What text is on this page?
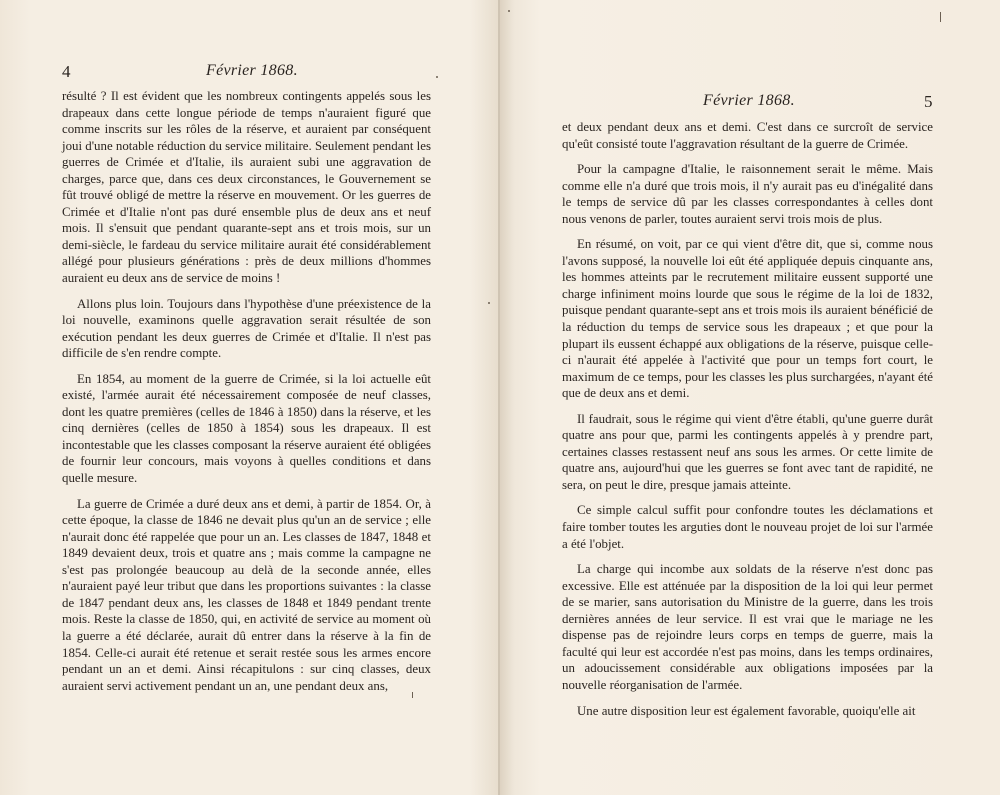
4	Février 1868.

résulté ? Il est évident que les nombreux contingents appelés sous les drapeaux dans cette longue période de temps n'auraient figuré que comme inscrits sur les rôles de la réserve, et auraient par conséquent joui d'une notable réduction du service militaire. Seulement pendant les guerres de Crimée et d'Italie, ils auraient subi une aggravation de charges, parce que, dans ces deux circonstances, le Gouvernement se fût trouvé obligé de mettre la réserve en mouvement. Or les guerres de Crimée et d'Italie n'ont pas duré ensemble plus de deux ans et neuf mois. Il s'ensuit que pendant quarante-sept ans et trois mois, sur un demi-siècle, le fardeau du service militaire aurait été considérablement allégé pour plusieurs générations : près de deux millions d'hommes auraient eu deux ans de service de moins !

Allons plus loin. Toujours dans l'hypothèse d'une préexistence de la loi nouvelle, examinons quelle aggravation serait résultée de son exécution pendant les deux guerres de Crimée et d'Italie. Il n'est pas difficile de s'en rendre compte.

En 1854, au moment de la guerre de Crimée, si la loi actuelle eût existé, l'armée aurait été nécessairement composée de neuf classes, dont les quatre premières (celles de 1846 à 1850) dans la réserve, et les cinq dernières (celles de 1850 à 1854) sous les drapeaux. Il est incontestable que les classes composant la réserve auraient été obligées de fournir leur concours, mais voyons à quelles conditions et dans quelle mesure.

La guerre de Crimée a duré deux ans et demi, à partir de 1854. Or, à cette époque, la classe de 1846 ne devait plus qu'un an de service ; elle n'aurait donc été rappelée que pour un an. Les classes de 1847, 1848 et 1849 devaient deux, trois et quatre ans ; mais comme la campagne ne s'est pas prolongée beaucoup au delà de la seconde année, elles n'auraient payé leur tribut que dans les proportions suivantes : la classe de 1847 pendant deux ans, les classes de 1848 et 1849 pendant trente mois. Reste la classe de 1850, qui, en activité de service au moment où la guerre a été déclarée, aurait dû entrer dans la réserve à la fin de 1854. Celle-ci aurait été retenue et serait restée sous les armes encore pendant un an et demi. Ainsi récapitulons : sur cinq classes, deux auraient servi activement pendant un an, une pendant deux ans,

Février 1868.	5

et deux pendant deux ans et demi. C'est dans ce surcroît de service qu'eût consisté toute l'aggravation résultant de la guerre de Crimée.

Pour la campagne d'Italie, le raisonnement serait le même. Mais comme elle n'a duré que trois mois, il n'y aurait pas eu d'inégalité dans le temps de service dû par les classes correspondantes à celles dont nous venons de parler, toutes auraient servi trois mois de plus.

En résumé, on voit, par ce qui vient d'être dit, que si, comme nous l'avons supposé, la nouvelle loi eût été appliquée depuis cinquante ans, les hommes atteints par le recrutement militaire eussent supporté une charge infiniment moins lourde que sous le régime de la loi de 1832, puisque pendant quarante-sept ans et trois mois ils auraient bénéficié de la réduction du temps de service sous les drapeaux ; et que pour la plupart ils eussent échappé aux obligations de la réserve, puisque celle-ci n'aurait été appelée à l'activité que pour un temps fort court, le maximum de ce temps, pour les classes les plus surchargées, n'ayant été que de deux ans et demi.

Il faudrait, sous le régime qui vient d'être établi, qu'une guerre durât quatre ans pour que, parmi les contingents appelés à y prendre part, certaines classes restassent neuf ans sous les armes. Or cette limite de quatre ans, aujourd'hui que les guerres se font avec tant de rapidité, ne sera, on peut le dire, presque jamais atteinte.

Ce simple calcul suffit pour confondre toutes les déclamations et faire tomber toutes les arguties dont le nouveau projet de loi sur l'armée a été l'objet.

La charge qui incombe aux soldats de la réserve n'est donc pas excessive. Elle est atténuée par la disposition de la loi qui leur permet de se marier, sans autorisation du Ministre de la guerre, dans les trois dernières années de leur service. Il est vrai que le mariage ne les dispense pas de rejoindre leurs corps en temps de guerre, mais la faculté qui leur est accordée n'est pas moins, dans les temps ordinaires, un adoucissement considérable aux obligations imposées par la nouvelle réorganisation de l'armée.

Une autre disposition leur est également favorable, quoiqu'elle ait
